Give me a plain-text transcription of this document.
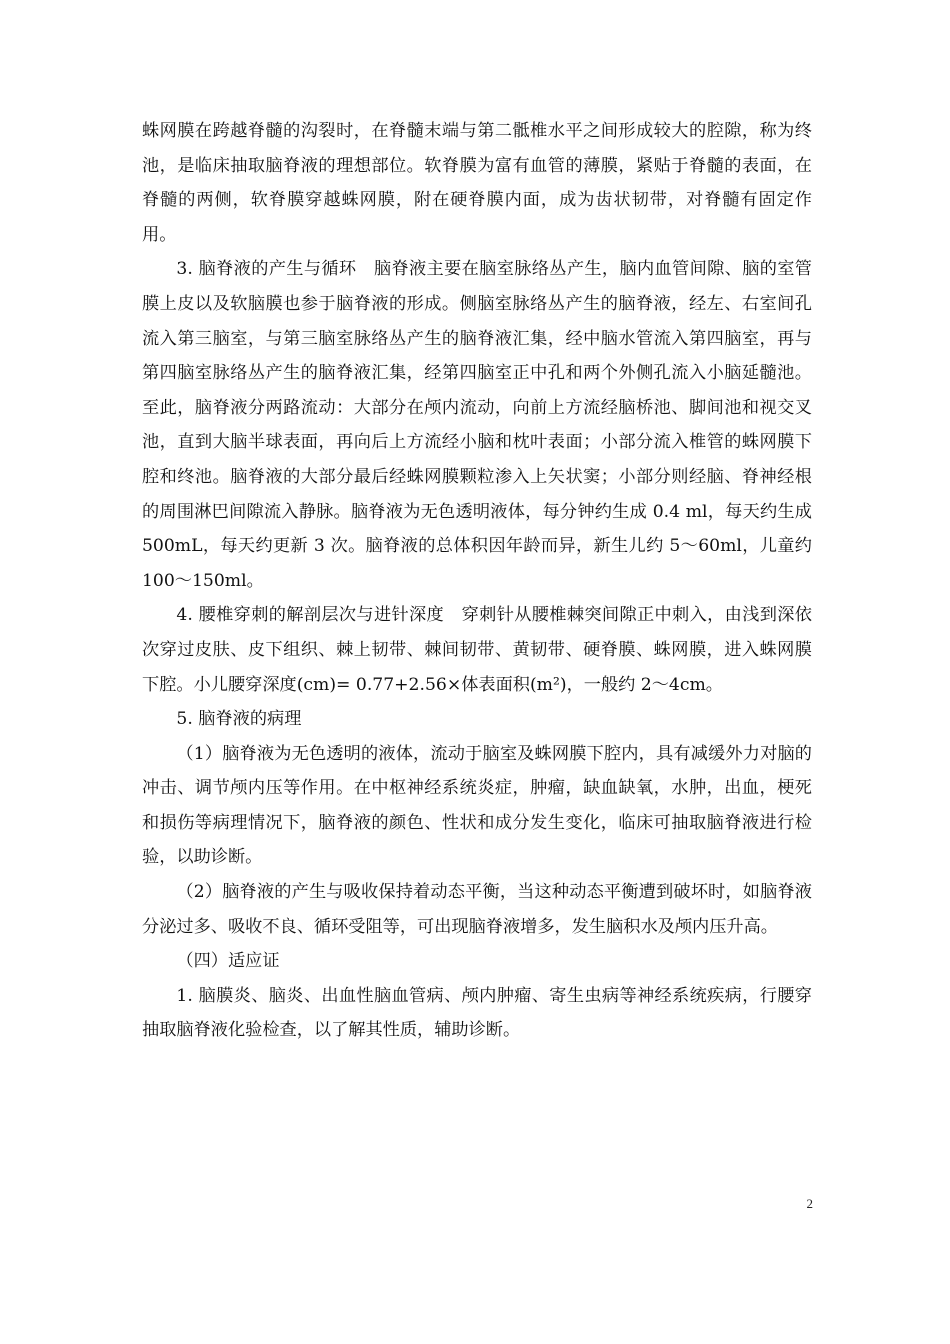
蛛网膜在跨越脊髓的沟裂时，在脊髓末端与第二骶椎水平之间形成较大的腔隙，称为终池，是临床抽取脑脊液的理想部位。软脊膜为富有血管的薄膜，紧贴于脊髓的表面，在脊髓的两侧，软脊膜穿越蛛网膜，附在硬脊膜内面，成为齿状韧带，对脊髓有固定作用。

3. 脑脊液的产生与循环　脑脊液主要在脑室脉络丛产生，脑内血管间隙、脑的室管膜上皮以及软脑膜也参于脑脊液的形成。侧脑室脉络丛产生的脑脊液，经左、右室间孔流入第三脑室，与第三脑室脉络丛产生的脑脊液汇集，经中脑水管流入第四脑室，再与第四脑室脉络丛产生的脑脊液汇集，经第四脑室正中孔和两个外侧孔流入小脑延髓池。至此，脑脊液分两路流动：大部分在颅内流动，向前上方流经脑桥池、脚间池和视交叉池，直到大脑半球表面，再向后上方流经小脑和枕叶表面；小部分流入椎管的蛛网膜下腔和终池。脑脊液的大部分最后经蛛网膜颗粒渗入上矢状窦；小部分则经脑、脊神经根的周围淋巴间隙流入静脉。脑脊液为无色透明液体，每分钟约生成 0.4 ml，每天约生成 500mL，每天约更新 3 次。脑脊液的总体积因年龄而异，新生儿约 5～60ml，儿童约 100～150ml。

4. 腰椎穿刺的解剖层次与进针深度　穿刺针从腰椎棘突间隙正中刺入，由浅到深依次穿过皮肤、皮下组织、棘上韧带、棘间韧带、黄韧带、硬脊膜、蛛网膜，进入蛛网膜下腔。小儿腰穿深度(cm)= 0.77+2.56×体表面积(m²)，一般约 2～4cm。

5. 脑脊液的病理

（1）脑脊液为无色透明的液体，流动于脑室及蛛网膜下腔内，具有减缓外力对脑的冲击、调节颅内压等作用。在中枢神经系统炎症，肿瘤，缺血缺氧，水肿，出血，梗死和损伤等病理情况下，脑脊液的颜色、性状和成分发生变化，临床可抽取脑脊液进行检验，以助诊断。

（2）脑脊液的产生与吸收保持着动态平衡，当这种动态平衡遭到破坏时，如脑脊液分泌过多、吸收不良、循环受阻等，可出现脑脊液增多，发生脑积水及颅内压升高。

（四）适应证

1. 脑膜炎、脑炎、出血性脑血管病、颅内肿瘤、寄生虫病等神经系统疾病，行腰穿抽取脑脊液化验检查，以了解其性质，辅助诊断。

2
